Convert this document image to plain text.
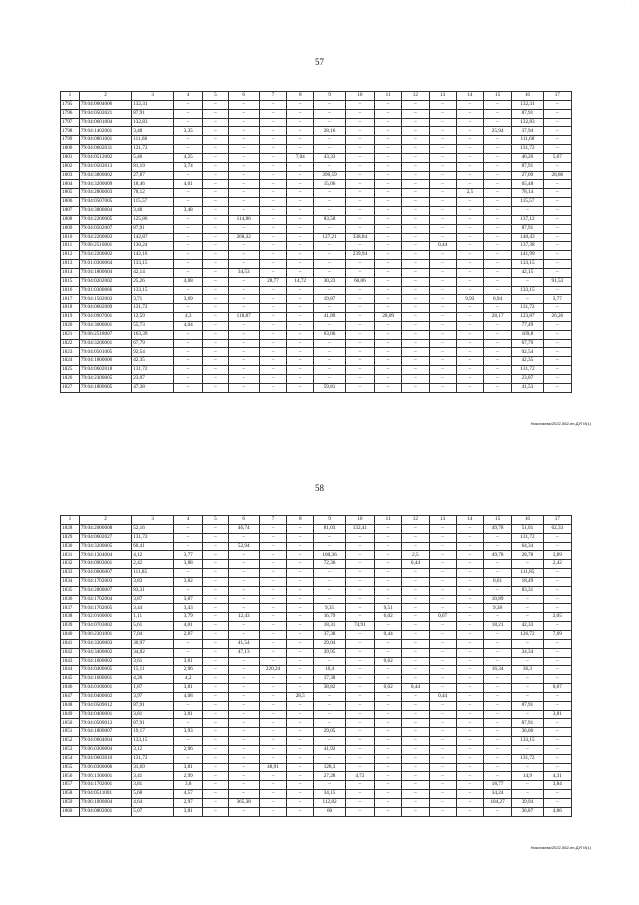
·
57
1	2	3	4	5	6	7	8	9	10	11	12	13	14	15	16	17
1795	79:04:0604006	132,31	–	–	–	–	–	–	–	–	–	–	–	–	132,31	–
1796	79:04:0502021	87,91	–	–	–	–	–	–	–	–	–	–	–	–	87,91	–
1797	79:04:0601004	132,83	–	–	–	–	–	–	–	–	–	–	–	–	132,83	–
1798	79:04:1402001	3,48	3,35	–	–	–	–	28,16	–	–	–	–	–	25,94	37,94	–
1799	79:04:0801001	111,68	–	–	–	–	–	–	–	–	–	–	–	–	111,68	–
1800	79:04:0602031	131,72	–	–	–	–	–	–	–	–	–	–	–	–	131,72	–
1801	79:04:0512002	5,46	4,25	–	–	–	7,04	43,33	–	–	–	–	–	–	46,26	5,07
1802	79:04:0502013	81,19	3,74	–	–	–	–	–	–	–	–	–	–	–	87,91	–
1803	79:04:3800002	27,87	–	–	–	–	–	390,59	–	–	–	–	–	–	27,09	28,86
1804	79:04:3200009	18,46	4,01	–	–	–	–	15,06	–	–	–	–	–	–	65,48	–
1805	79:04:2800003	78,12	–	–	–	–	–	–	–	–	–	–	2,5	–	78,14	–
1806	79:04:0507005	115,57	–	–	–	–	–	–	–	–	–	–	–	–	115,57	–
1807	79:04:3800004	3,48	3,48	–	–	–	–	–	–	–	–	–	–	–	–	–
1808	79:04:2200005	125,86	–	–	114,86	–	–	83,58	–	–	–	–	–	–	137,12	–
1809	79:04:0502007	87,91	–	–	–	–	–	–	–	–	–	–	–	–	87,91	–
1810	79:04:2200003	142,87	–	–	268,32	–	–	127,21	338,84	–	–	–	–	–	140,43	–
1811	79:06:2510001	130,24	–	–	–	–	–	–	–	–	–	0,44	–	–	137,38	–
1812	79:04:2200002	142,16	–	–	–	–	–	–	239,94	–	–	–	–	–	141,99	–
1813	79:01:0300064	133,15	–	–	–	–	–	–	–	–	–	–	–	–	133,15	–
1814	79:04:1800004	42,14	–	–	34,53	–	–	–	–	–	–	–	–	–	42,15	–
1815	79:04:0202002	25,26	4,08	–	–	28,77	14,72	30,23	66,06	–	–	–	–	–	–	91,53
1816	79:01:0300066	133,15	–	–	–	–	–	–	–	–	–	–	–	–	133,15	–
1817	79:04:1502003	3,71	3,69	–	–	–	–	19,87	–	–	–	–	9,93	0,94	–	3,77
1818	79:04:0602009	131,72	–	–	–	–	–	–	–	–	–	–	–	–	131,72	–
1819	79:04:0907001	12,59	4,3	–	118,87	–	–	41,89	–	28,09	–	–	–	28,17	123,87	26,26
1820	79:04:3000001	55,73	4,04	–	–	–	–	–	–	–	–	–	–	–	77,49	–
1821	79:06:2518007	163,39	–	–	–	–	–	63,06	–	–	–	–	–	–	169,8	–
1822	79:04:3200001	67,79	–	–	–	–	–	–	–	–	–	–	–	–	67,79	–
1823	79:04:0501005	92,54	–	–	–	–	–	–	–	–	–	–	–	–	92,54	–
1824	79:04:1800006	42,35	–	–	–	–	–	–	–	–	–	–	–	–	42,35	–
1825	79:04:0602018	131,72	–	–	–	–	–	–	–	–	–	–	–	–	131,72	–
1826	79:04:2300005	23,07	–	–	–	–	–	–	–	–	–	–	–	–	23,07	–
1827	79:04:1800005	47,38	–	–	–	–	–	59,81	–	–	–	–	–	–	41,53	–
Николаева/2022-562-пп-ДУГИ(1)
58
1	2	3	4	5	6	7	8	9	10	11	12	13	14	15	16	17
1828	79:04:2000008	52,16	–	–	46,74	–	–	81,03	132,41	–	–	–	–	49,78	51,01	62,33
1829	79:04:0602027	131,72	–	–	–	–	–	–	–	–	–	–	–	–	131,72	–
1830	79:04:3200005	60,41	–	–	52,94	–	–	–	–	–	–	–	–	–	64,34	–
1831	79:04:1304004	4,12	3,77	–	–	–	–	100,36	–	–	2,5	–	–	49,78	28,78	3,89
1832	79:04:0903001	2,42	3,88	–	–	–	–	72,36	–	–	0,44	–	–	–	–	2,42
1833	79:04:0606007	111,85	–	–	–	–	–	–	–	–	–	–	–	–	111,85	–
1834	79:04:1702003	3,83	3,82	–	–	–	–	–	–	–	–	–	–	0,61	18,49	–
1835	79:04:2800007	83,31	–	–	–	–	–	–	–	–	–	–	–	–	83,31	–
1836	79:04:1702004	3,87	3,87	–	–	–	–	–	–	–	–	–	–	10,89	–	–
1837	79:04:1702005	3,44	3,43	–	–	–	–	9,35	–	9,51	–	–	–	9,38	–	–
1838	79:02:0100001	1,11	3,79	–	12,43	–	–	16,79	–	6,02	–	0,67	–	–	–	2,05
1839	79:04:0703002	5,61	4,01	–	–	–	–	18,31	74,91	–	–	–	–	18,21	42,33	–
1840	79:06:2301001	7,04	2,87	–	–	–	–	37,38	–	0,44	–	–	–	–	126,72	7,69
1841	79:04:3300003	30,97	–	–	41,54	–	–	29,04	–	–	–	–	–	–	–	–
1842	79:04:3400002	34,82	–	–	47,13	–	–	39,95	–	–	–	–	–	–	34,34	–
1843	79:04:1600002	3,61	3,61	–	–	–	–	–	–	0,62	–	–	–	–	–	–
1844	79:04:0400005	15,11	2,96	–	–	220,24	–	16,4	–	–	–	–	–	16,34	36,3	–
1845	79:04:1600001	4,28	4,2	–	–	–	–	17,38	–	–	–	–	–	–	–	–
1846	79:04:0100001	1,87	3,81	–	–	–	–	38,82	–	0,62	0,44	–	–	–	–	0,67
1847	79:04:0400002	3,97	4,08	–	–	–	28,5	–	–	–	–	0,44	–	–	–	–
1848	79:04:0509012	87,91	–	–	–	–	–	–	–	–	–	–	–	–	87,91	–
1849	79:04:0400001	3,81	3,81	–	–	–	–	–	–	–	–	–	–	–	–	3,81
1850	79:04:0509013	87,91	–	–	–	–	–	–	–	–	–	–	–	–	87,91	–
1851	79:04:1800007	19,17	3,93	–	–	–	–	29,05	–	–	–	–	–	–	36,06	–
1852	79:04:0604004	133,15	–	–	–	–	–	–	–	–	–	–	–	–	133,15	–
1853	79:06:0300004	3,12	2,96	–	–	–	–	41,92	–	–	–	–	–	–	–	–
1854	79:04:0603010	131,72	–	–	–	–	–	–	–	–	–	–	–	–	131,72	–
1855	79:06:0300006	31,69	3,81	–	–	48,91	–	128,3	–	–	–	–	–	–	–	–
1856	79:06:1300001	3,41	2,99	–	–	–	–	27,28	4,72	–	–	–	–	–	14,9	4,31
1857	79:04:1702001	3,81	3,8	–	–	–	–	–	–	–	–	–	–	18,77	–	3,84
1858	79:04:0511001	5,68	4,57	–	–	–	–	34,15	–	–	–	–	–	34,24	–	–
1859	79:06:1000004	4,64	2,97	–	365,38	–	–	112,82	–	–	–	–	–	104,27	39,94	–
1860	79:04:0802001	5,07	3,81	–	–	–	–	60	–	–	–	–	–	–	36,87	4,86
Николаева/2022-562-пп-ДУГИ(1)
